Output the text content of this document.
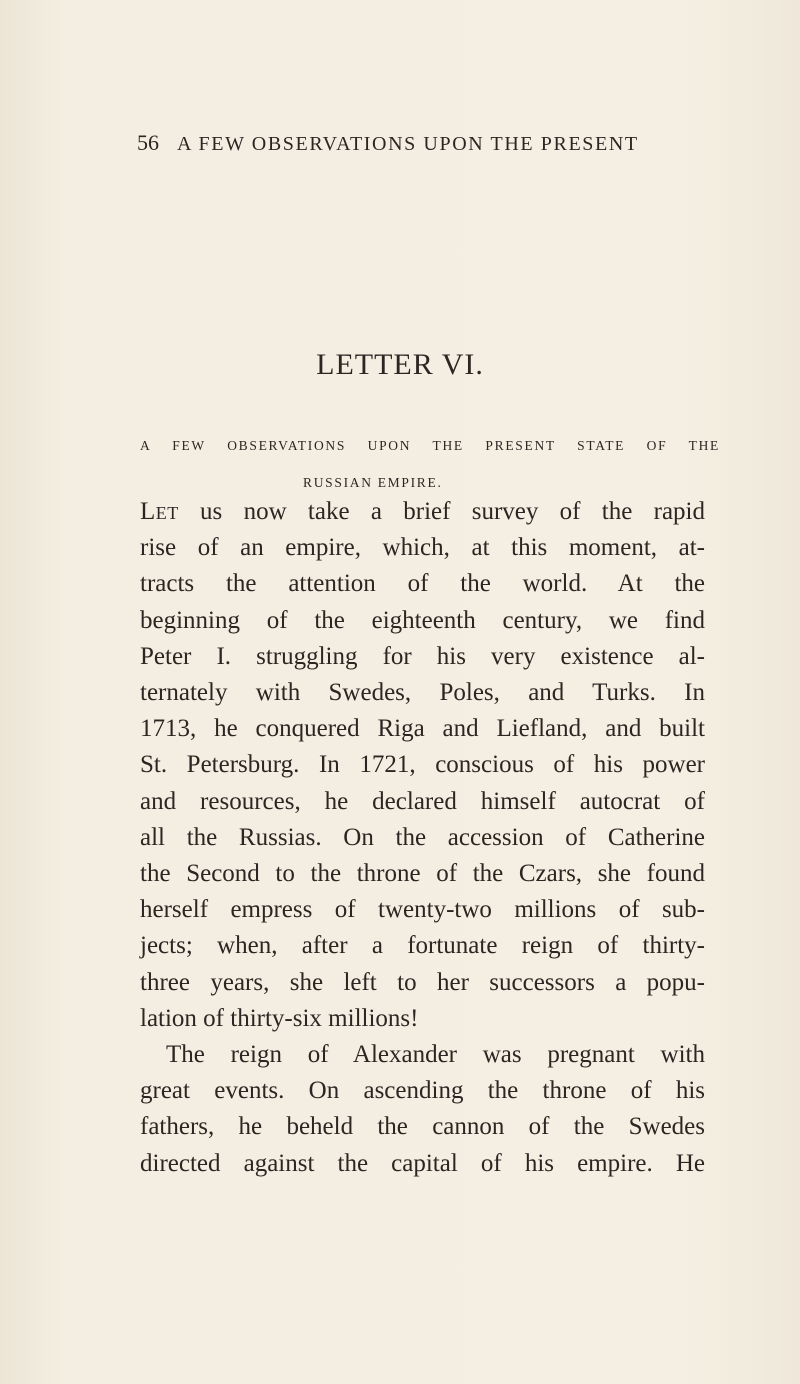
56 A FEW OBSERVATIONS UPON THE PRESENT
LETTER VI.
A FEW OBSERVATIONS UPON THE PRESENT STATE OF THE
RUSSIAN EMPIRE.
Let us now take a brief survey of the rapid
rise of an empire, which, at this moment, at-
tracts the attention of the world. At the
beginning of the eighteenth century, we find
Peter I. struggling for his very existence al-
ternately with Swedes, Poles, and Turks. In
1713, he conquered Riga and Liefland, and built
St. Petersburg. In 1721, conscious of his power
and resources, he declared himself autocrat of
all the Russias. On the accession of Catherine
the Second to the throne of the Czars, she found
herself empress of twenty-two millions of sub-
jects; when, after a fortunate reign of thirty-
three years, she left to her successors a popu-
lation of thirty-six millions!
The reign of Alexander was pregnant with
great events. On ascending the throne of his
fathers, he beheld the cannon of the Swedes
directed against the capital of his empire. He
